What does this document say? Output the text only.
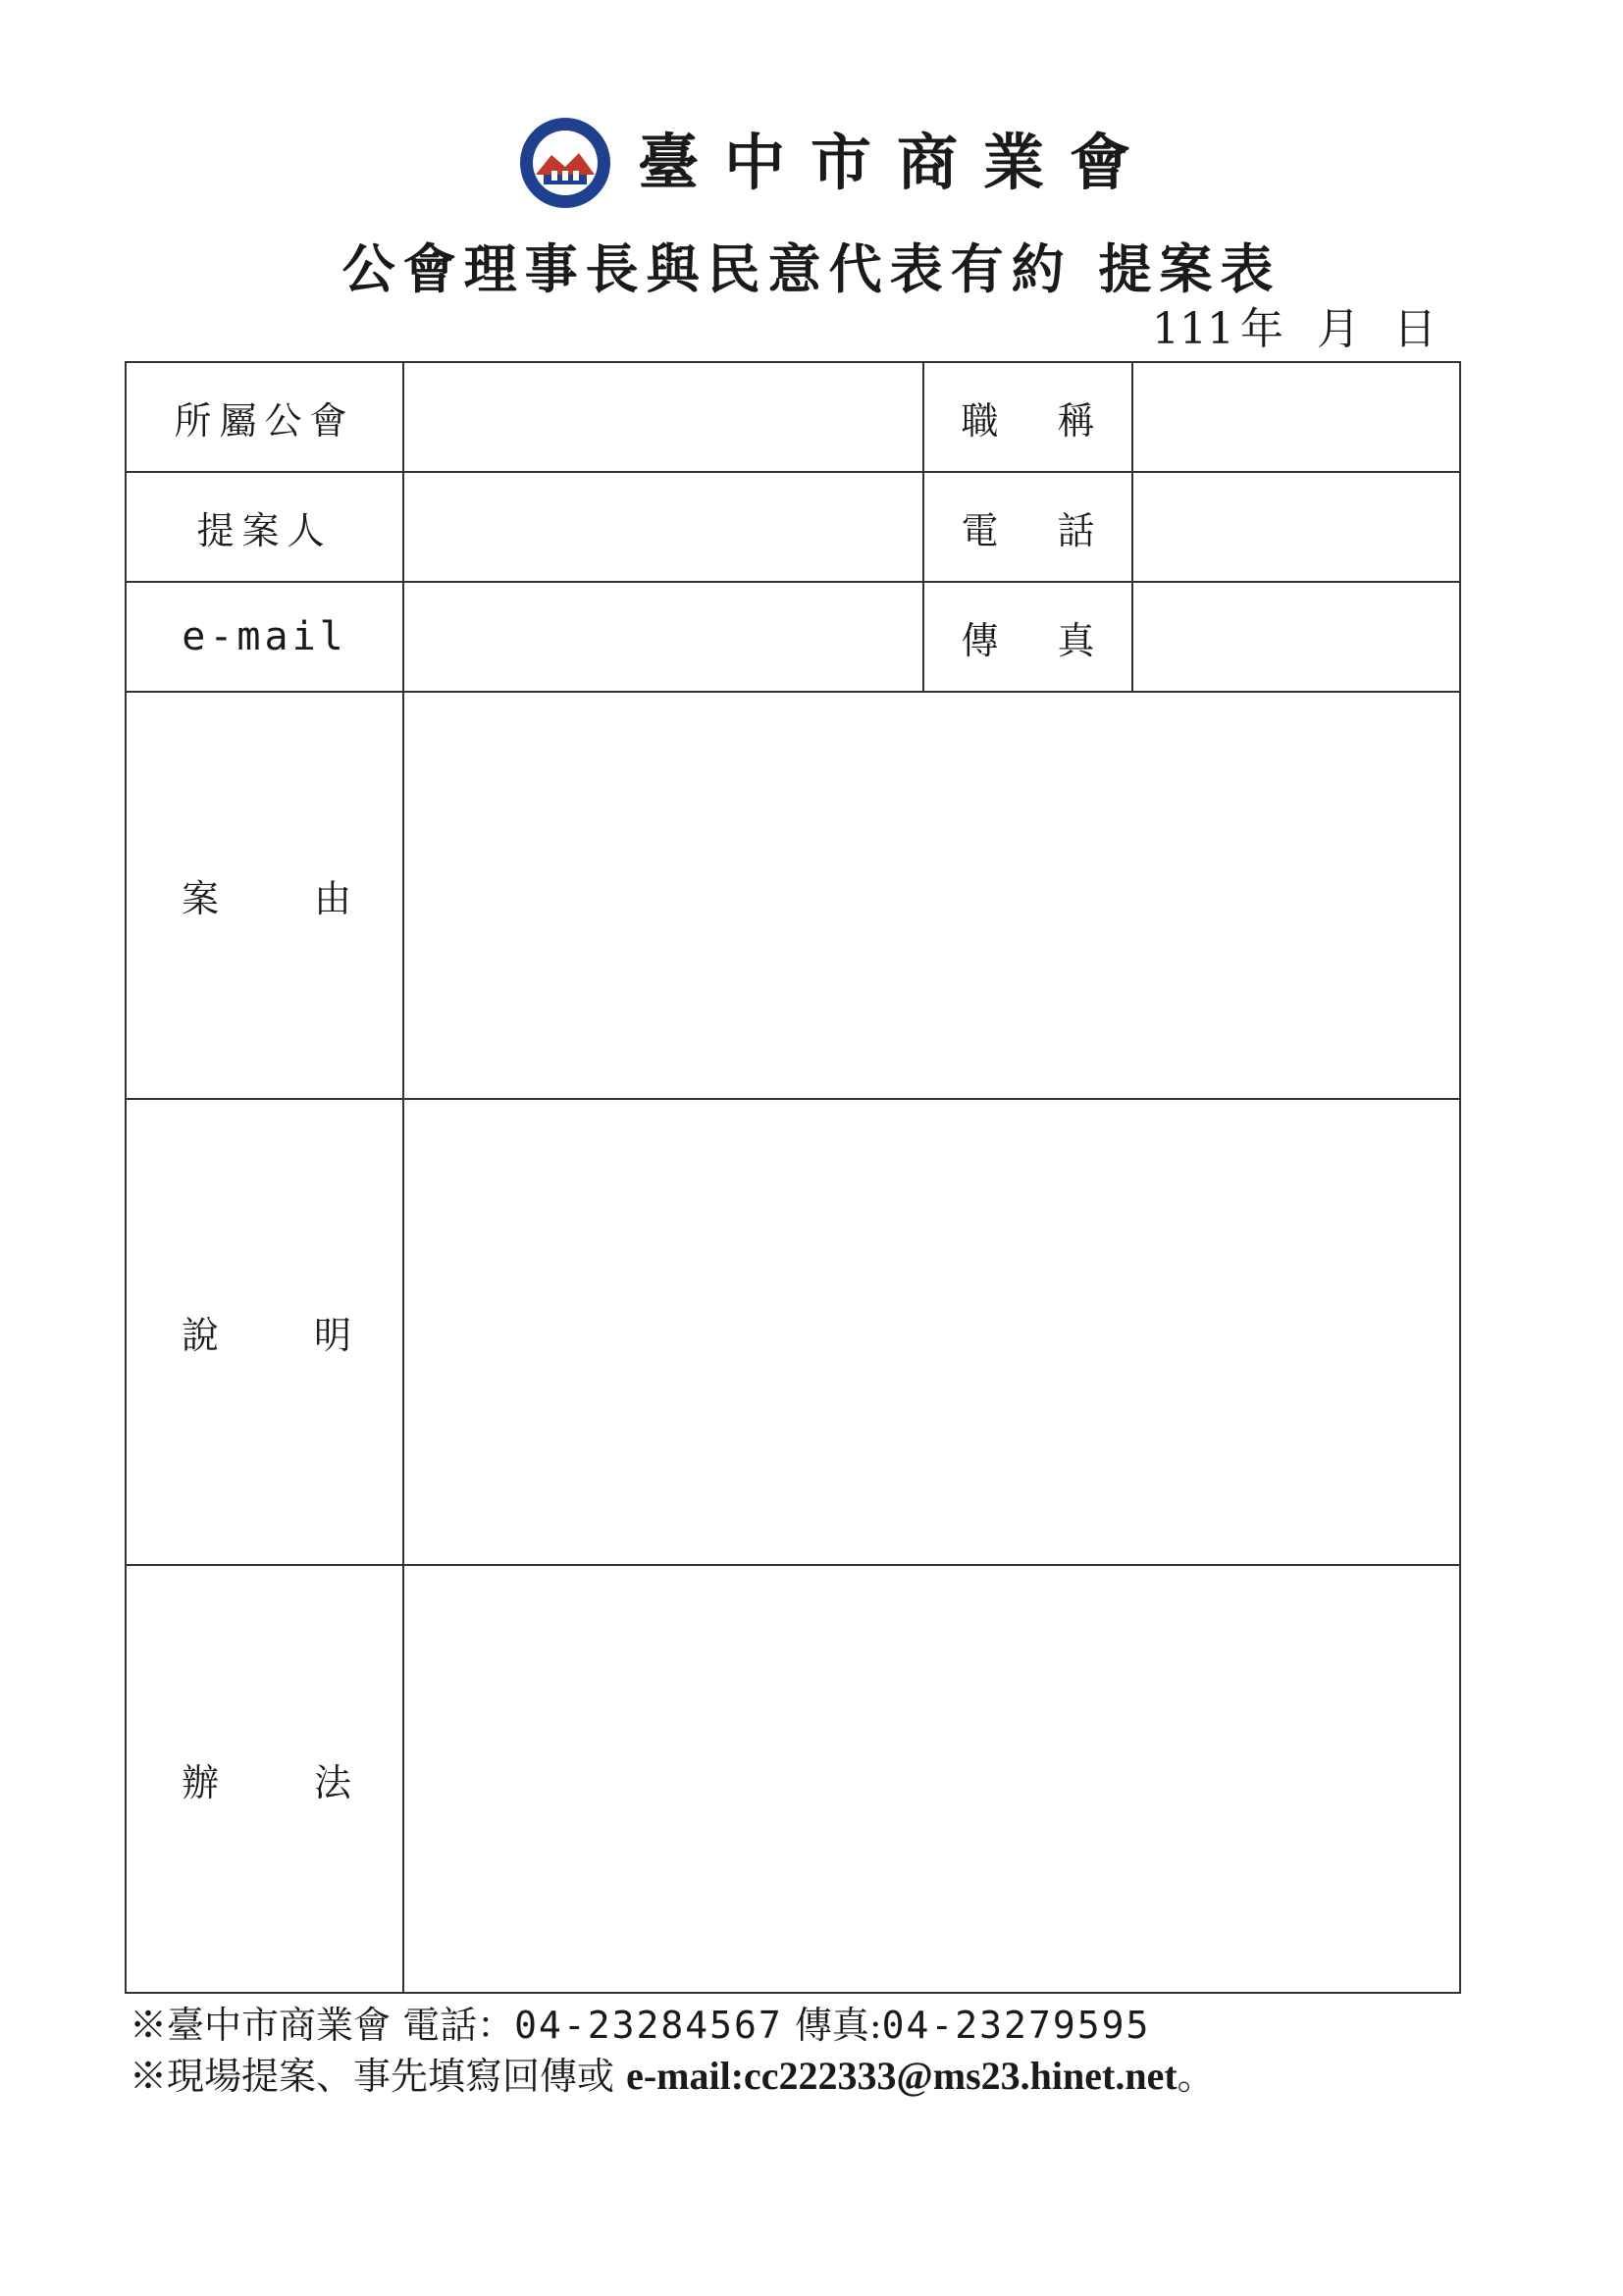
臺中市商業會
公會理事長與民意代表有約 提案表
111 年 月 日
所屬公會		職 稱	
提案人		電 話	
e-mail		傳 真	

案 由			

說 明			

辦 法			

※臺中市商業會 電話：04-23284567 傳真:04-23279595
※現場提案、事先填寫回傳或 e-mail:cc222333@ms23.hinet.net。
